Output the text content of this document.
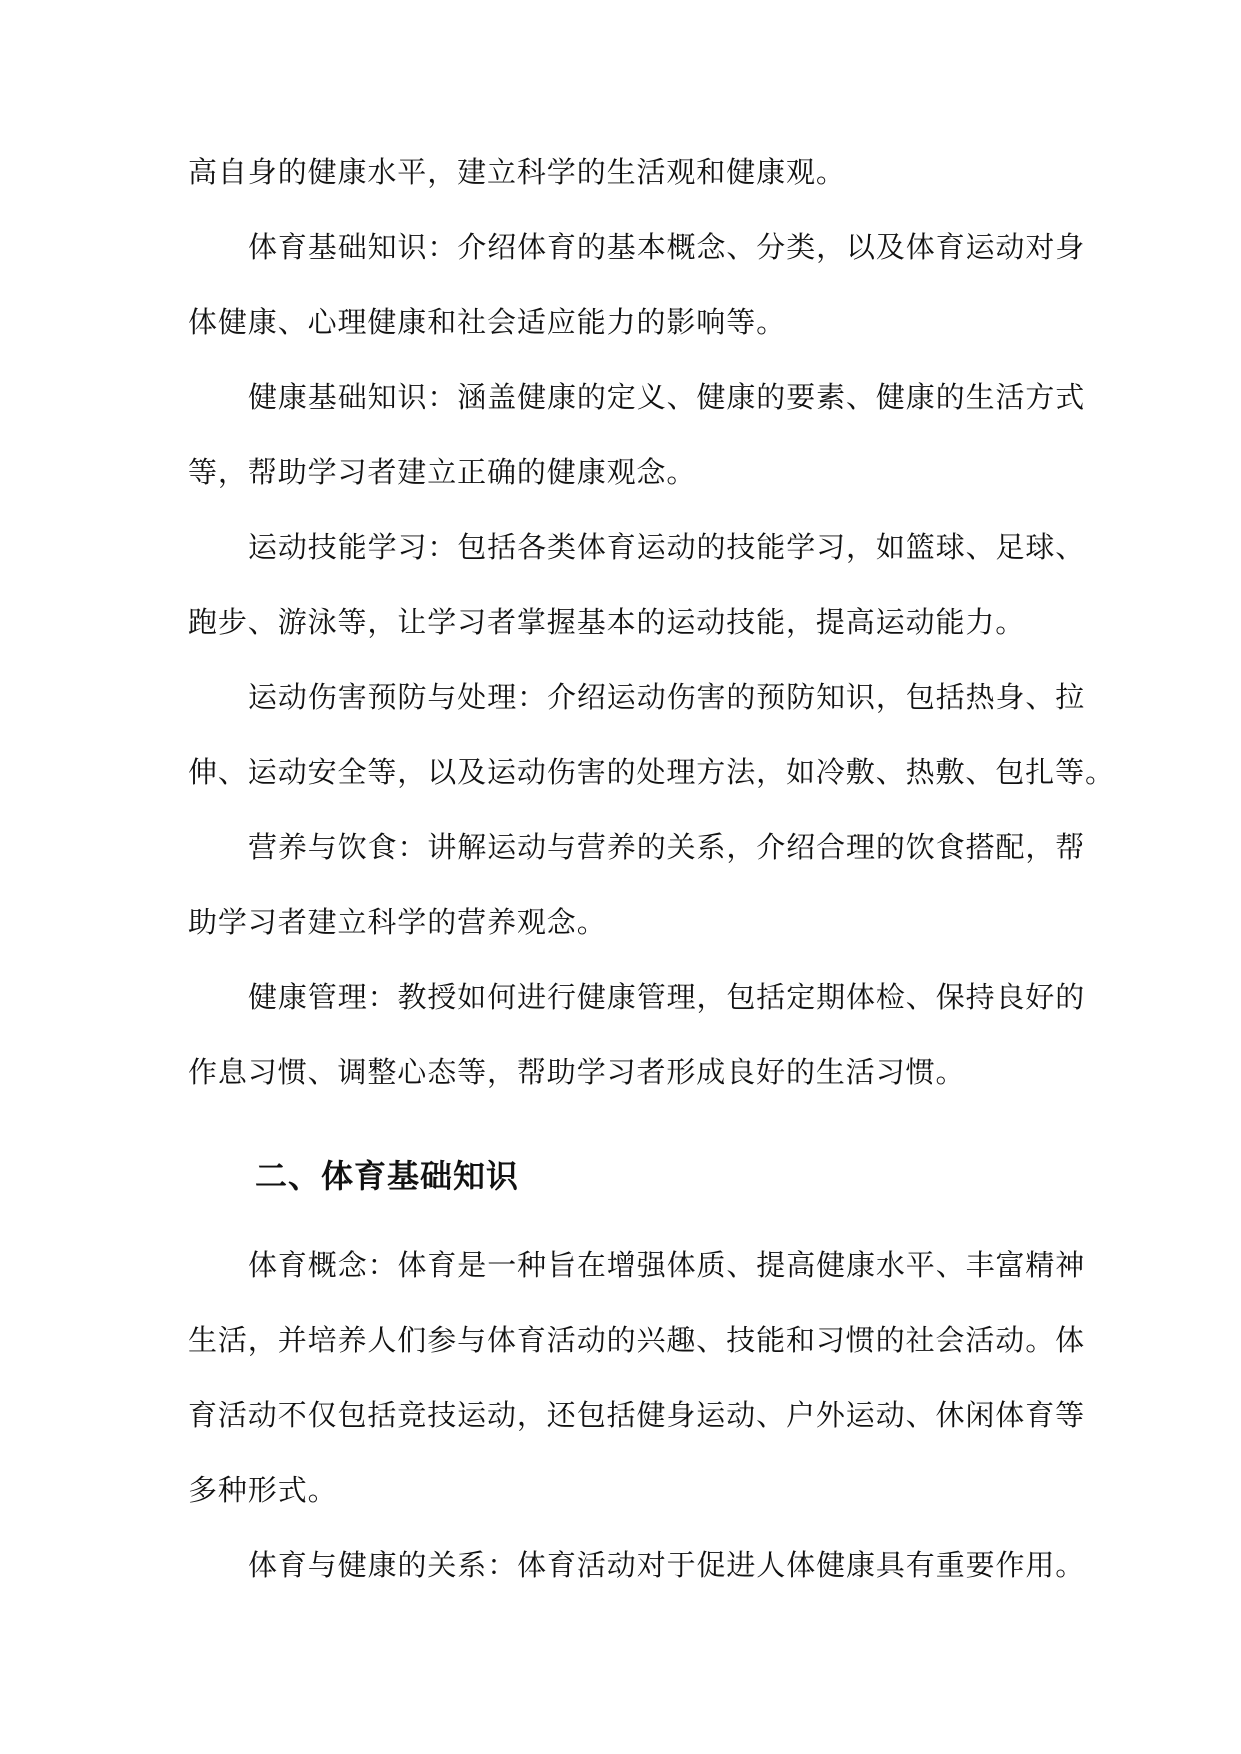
高自身的健康水平，建立科学的生活观和健康观。
体育基础知识：介绍体育的基本概念、分类，以及体育运动对身
体健康、心理健康和社会适应能力的影响等。
健康基础知识：涵盖健康的定义、健康的要素、健康的生活方式
等，帮助学习者建立正确的健康观念。
运动技能学习：包括各类体育运动的技能学习，如篮球、足球、
跑步、游泳等，让学习者掌握基本的运动技能，提高运动能力。
运动伤害预防与处理：介绍运动伤害的预防知识，包括热身、拉
伸、运动安全等，以及运动伤害的处理方法，如冷敷、热敷、包扎等。
营养与饮食：讲解运动与营养的关系，介绍合理的饮食搭配，帮
助学习者建立科学的营养观念。
健康管理：教授如何进行健康管理，包括定期体检、保持良好的
作息习惯、调整心态等，帮助学习者形成良好的生活习惯。
二、体育基础知识
体育概念：体育是一种旨在增强体质、提高健康水平、丰富精神
生活，并培养人们参与体育活动的兴趣、技能和习惯的社会活动。体
育活动不仅包括竞技运动，还包括健身运动、户外运动、休闲体育等
多种形式。
体育与健康的关系：体育活动对于促进人体健康具有重要作用。
